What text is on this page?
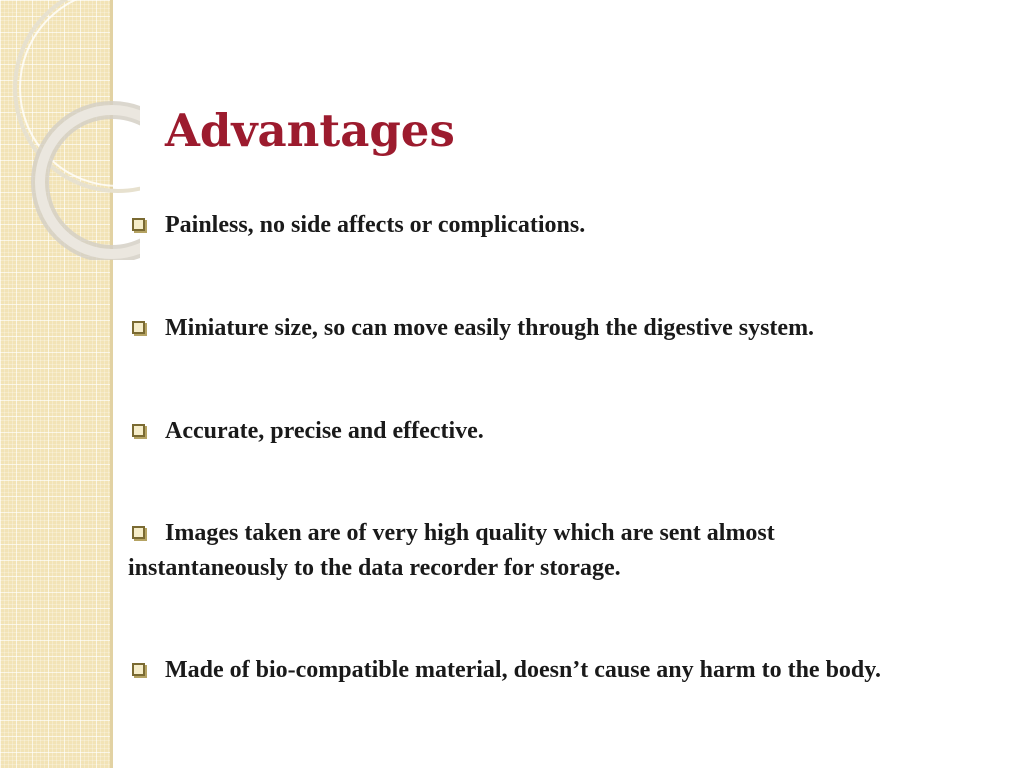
Advantages
Painless, no side affects or complications.
Miniature size, so can move easily through the digestive system.
Accurate, precise and effective.
Images taken are of very high quality which are sent almost instantaneously to the data recorder for storage.
Made of bio-compatible material, doesn’t cause any harm to the body.
